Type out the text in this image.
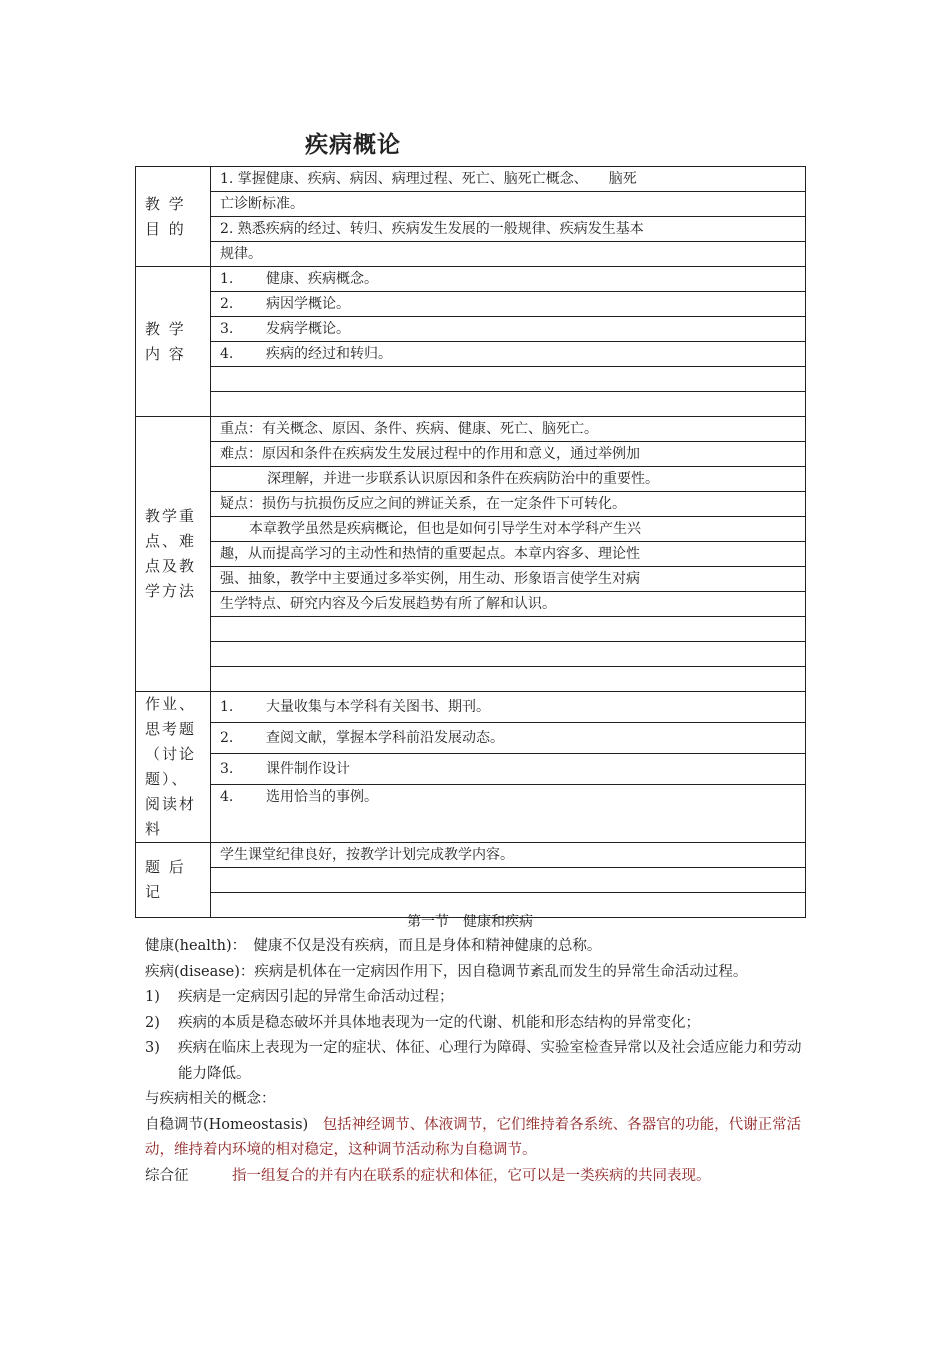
疾病概论
教 学 目 的	1. 掌握健康、疾病、病因、病理过程、死亡、脑死亡概念、　　脑死
	亡诊断标准。
	2. 熟悉疾病的经过、转归、疾病发生发展的一般规律、疾病发生基本
	规律。

教 学 内 容	1. 健康、疾病概念。
	2. 病因学概论。
	3. 发病学概论。
	4. 疾病的经过和转归。

教学重点、难点及教学方法	重点：有关概念、原因、条件、疾病、健康、死亡、脑死亡。
	难点：原因和条件在疾病发生发展过程中的作用和意义，通过举例加
	深理解，并进一步联系认识原因和条件在疾病防治中的重要性。
	疑点：损伤与抗损伤反应之间的辨证关系，在一定条件下可转化。
	本章教学虽然是疾病概论，但也是如何引导学生对本学科产生兴
	趣，从而提高学习的主动性和热情的重要起点。本章内容多、理论性
	强、抽象，教学中主要通过多举实例，用生动、形象语言使学生对病
	生学特点、研究内容及今后发展趋势有所了解和认识。

作业、思考题（讨论题）、阅读材料	1. 大量收集与本学科有关图书、期刊。
	2. 查阅文献，掌握本学科前沿发展动态。
	3. 课件制作设计
	4. 选用恰当的事例。

题 后 记	学生课堂纪律良好，按教学计划完成教学内容。

第一节　健康和疾病

健康(health)：　健康不仅是没有疾病，而且是身体和精神健康的总称。

疾病(disease)：疾病是机体在一定病因作用下，因自稳调节紊乱而发生的异常生命活动过程。

1)	疾病是一定病因引起的异常生命活动过程；
2)	疾病的本质是稳态破坏并具体地表现为一定的代谢、机能和形态结构的异常变化；
3)	疾病在临床上表现为一定的症状、体征、心理行为障碍、实验室检查异常以及社会适应能力和劳动能力降低。

与疾病相关的概念：

自稳调节(Homeostasis)　包括神经调节、体液调节，它们维持着各系统、各器官的功能，代谢正常活动，维持着内环境的相对稳定，这种调节活动称为自稳调节。

综合征　　　指一组复合的并有内在联系的症状和体征，它可以是一类疾病的共同表现。
